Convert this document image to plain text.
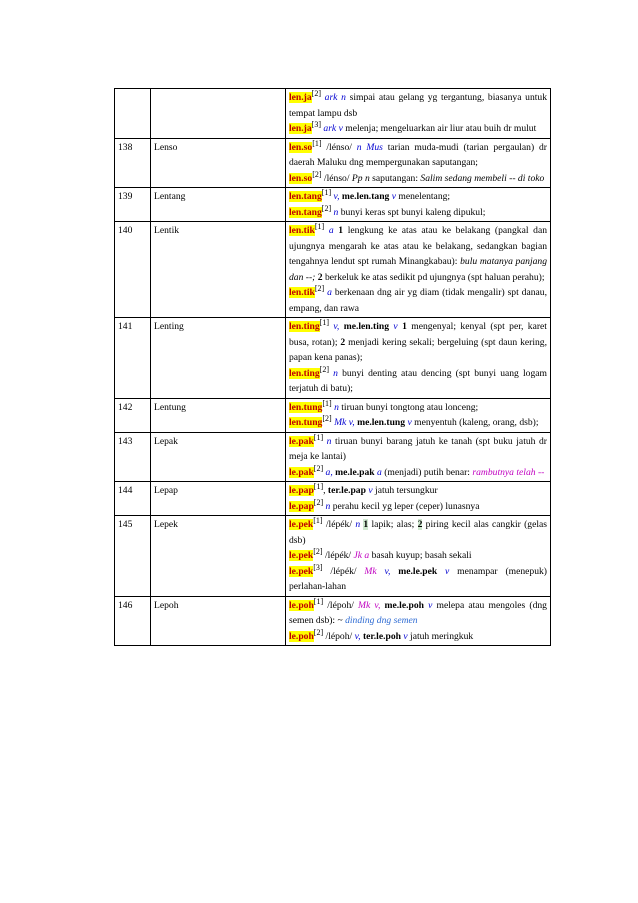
		len.ja[2] ark n simpai atau gelang yg tergantung, biasanya untuk tempat lampu dsb
len.ja[3] ark v melenja; mengeluarkan air liur atau buih dr mulut

138	Lenso	len.so[1] /lénso/ n Mus tarian muda-mudi (tarian pergaulan) dr daerah Maluku dng mempergunakan saputangan;
len.so[2] /lénso/ Pp n saputangan: Salim sedang membeli -- di toko

139	Lentang	len.tang[1] v, me.len.tang v menelentang;
len.tang[2] n bunyi keras spt bunyi kaleng dipukul;

140	Lentik	len.tik[1] a 1 lengkung ke atas atau ke belakang (pangkal dan ujungnya mengarah ke atas atau ke belakang, sedangkan bagian tengahnya lendut spt rumah Minangkabau): bulu matanya panjang dan --; 2 berkeluk ke atas sedikit pd ujungnya (spt haluan perahu);
len.tik[2] a berkenaan dng air yg diam (tidak mengalir) spt danau, empang, dan rawa

141	Lenting	len.ting[1] v, me.len.ting v 1 mengenyal; kenyal (spt per, karet busa, rotan); 2 menjadi kering sekali; bergeluing (spt daun kering, papan kena panas);
len.ting[2] n bunyi denting atau dencing (spt bunyi uang logam terjatuh di batu);

142	Lentung	len.tung[1] n tiruan bunyi tongtong atau lonceng;
len.tung[2] Mk v, me.len.tung v menyentuh (kaleng, orang, dsb);

143	Lepak	le.pak[1] n tiruan bunyi barang jatuh ke tanah (spt buku jatuh dr meja ke lantai)
le.pak[2] a, me.le.pak a (menjadi) putih benar: rambutnya telah --

144	Lepap	le.pap[1], ter.le.pap v jatuh tersungkur
le.pap[2] n perahu kecil yg leper (ceper) lunasnya

145	Lepek	le.pek[1] /lépék/ n 1 lapik; alas; 2 piring kecil alas cangkir (gelas dsb)
le.pek[2] /lépék/ Jk a basah kuyup; basah sekali
le.pek[3] /lépék/ Mk v, me.le.pek v menampar (menepuk) perlahan-lahan

146	Lepoh	le.poh[1] /lépoh/ Mk v, me.le.poh v melepa atau mengoles (dng semen dsb): ~ dinding dng semen
le.poh[2] /lépoh/ v, ter.le.poh v jatuh meringkuk
